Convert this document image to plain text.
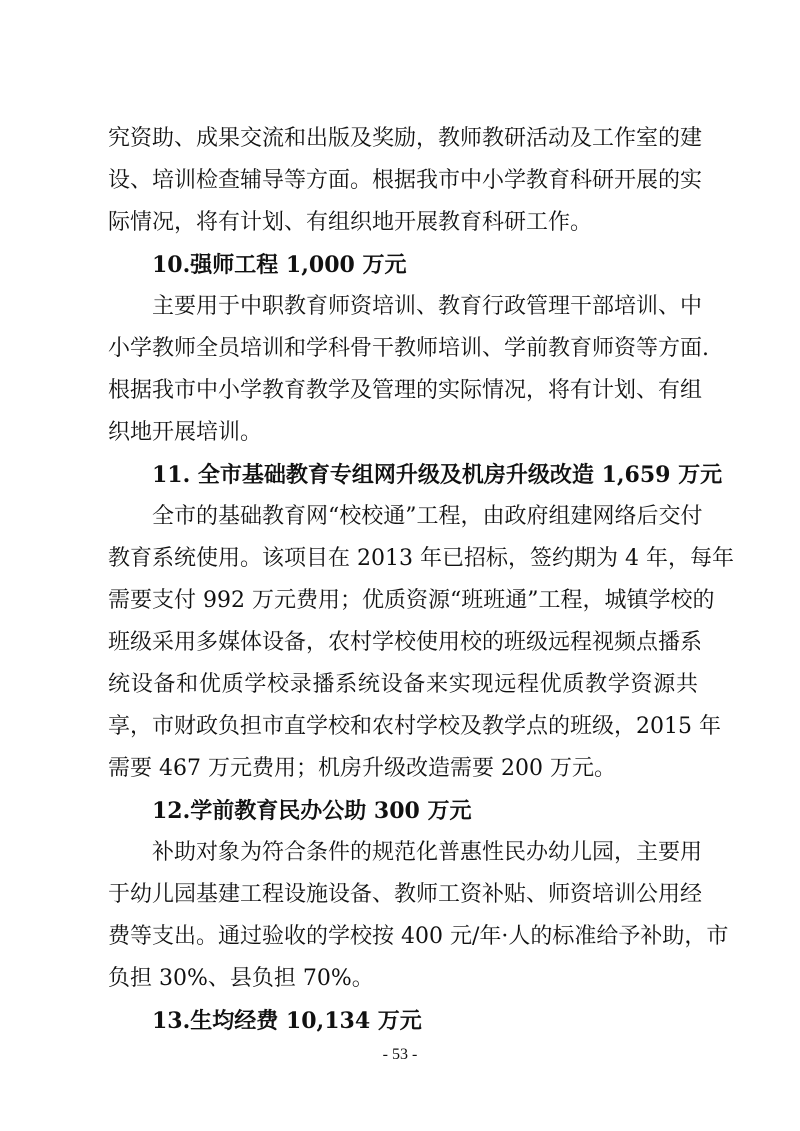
究资助、成果交流和出版及奖励，教师教研活动及工作室的建
设、培训检查辅导等方面。根据我市中小学教育科研开展的实
际情况，将有计划、有组织地开展教育科研工作。
10.强师工程 1,000 万元
主要用于中职教育师资培训、教育行政管理干部培训、中
小学教师全员培训和学科骨干教师培训、学前教育师资等方面.
根据我市中小学教育教学及管理的实际情况，将有计划、有组
织地开展培训。
11. 全市基础教育专组网升级及机房升级改造 1,659 万元
全市的基础教育网“校校通”工程，由政府组建网络后交付
教育系统使用。该项目在 2013 年已招标，签约期为 4 年，每年
需要支付 992 万元费用；优质资源“班班通”工程，城镇学校的
班级采用多媒体设备，农村学校使用校的班级远程视频点播系
统设备和优质学校录播系统设备来实现远程优质教学资源共
享，市财政负担市直学校和农村学校及教学点的班级，2015 年
需要 467 万元费用；机房升级改造需要 200 万元。
12.学前教育民办公助 300 万元
补助对象为符合条件的规范化普惠性民办幼儿园，主要用
于幼儿园基建工程设施设备、教师工资补贴、师资培训公用经
费等支出。通过验收的学校按 400 元/年·人的标准给予补助，市
负担 30%、县负担 70%。
13.生均经费 10,134 万元
- 53 -
